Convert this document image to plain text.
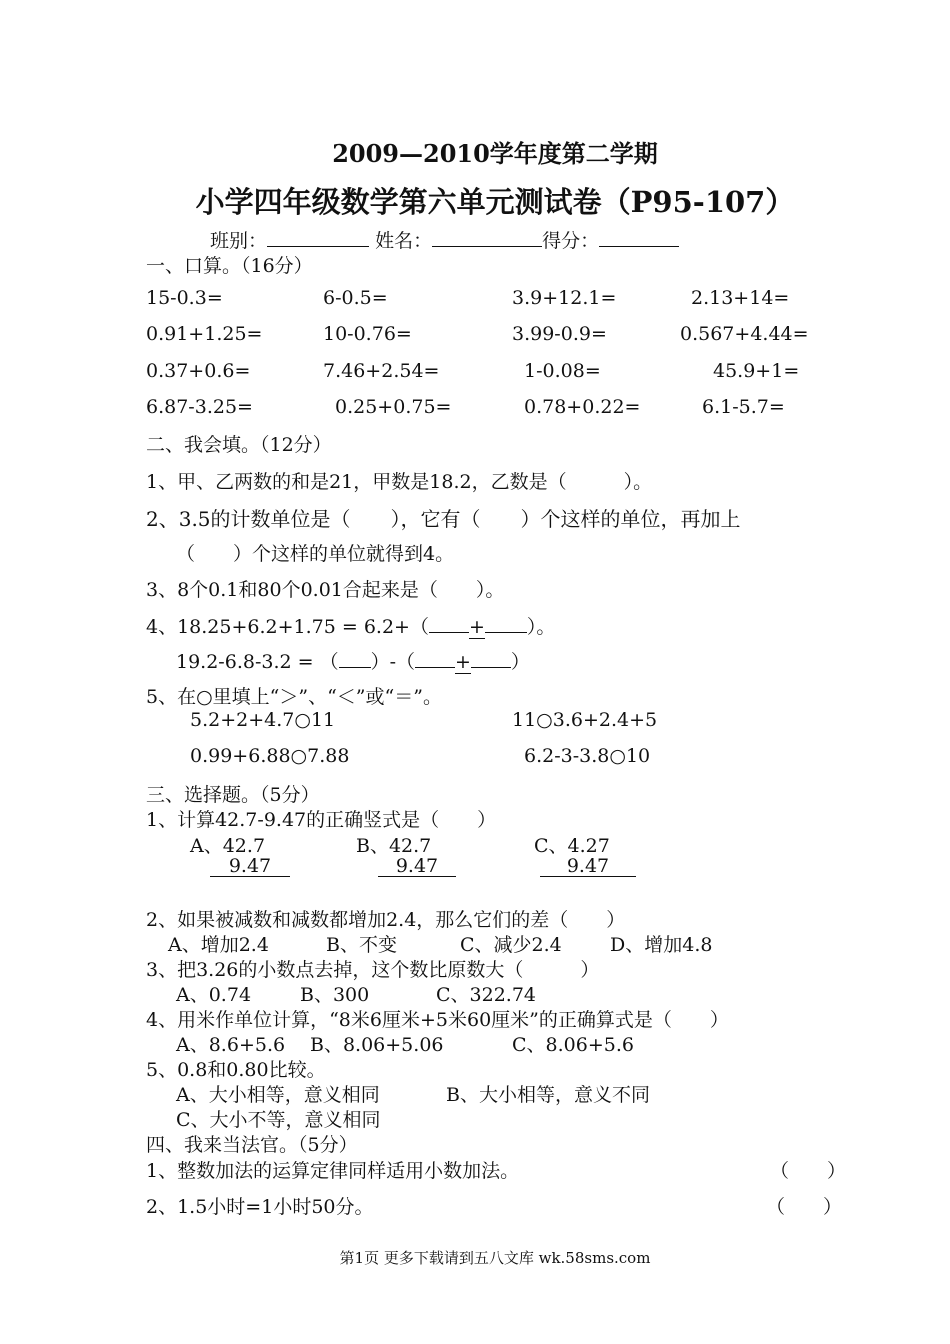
2009—2010学年度第二学期
小学四年级数学第六单元测试卷（P95-107）
班别：	姓名：	得分：
一、口算。（16分）
15-0.3=	6-0.5=	3.9+12.1=	2.13+14=
0.91+1.25=	10-0.76=	3.99-0.9=	0.567+4.44=
0.37+0.6=	7.46+2.54=	1-0.08=	45.9+1=
6.87-3.25=	0.25+0.75=	0.78+0.22=	6.1-5.7=
二、我会填。（12分）
1、甲、乙两数的和是21，甲数是18.2，乙数是（　　　）。
2、3.5的计数单位是（　　），它有（　　）个这样的单位，再加上
（　　）个这样的单位就得到4。
3、8个0.1和80个0.01合起来是（　　）。
4、18.25+6.2+1.75 = 6.2+（ + ）。
19.2-6.8-3.2 = （ ）-（ + ）
5、在○里填上“＞”、“＜”或“＝”。
5.2+2+4.7○11	11○3.6+2.4+5
0.99+6.88○7.88	6.2-3-3.8○10
三、选择题。（5分）
1、计算42.7-9.47的正确竖式是（　　）
A、42.7	B、42.7	C、4.27
9.47	9.47	9.47
2、如果被减数和减数都增加2.4，那么它们的差（　　）
A、增加2.4	B、不变	C、减少2.4	D、增加4.8
3、把3.26的小数点去掉，这个数比原数大（　　　）
A、0.74	B、300	C、322.74
4、用米作单位计算，“8米6厘米+5米60厘米”的正确算式是（　　）
A、8.6+5.6 B、8.06+5.06	C、8.06+5.6
5、0.8和0.80比较。
A、大小相等，意义相同	B、大小相等，意义不同
C、大小不等，意义相同
四、我来当法官。（5分）
1、整数加法的运算定律同样适用小数加法。	（　　）
2、1.5小时=1小时50分。	（　　）
第1页 更多下载请到五八文库 wk.58sms.com
